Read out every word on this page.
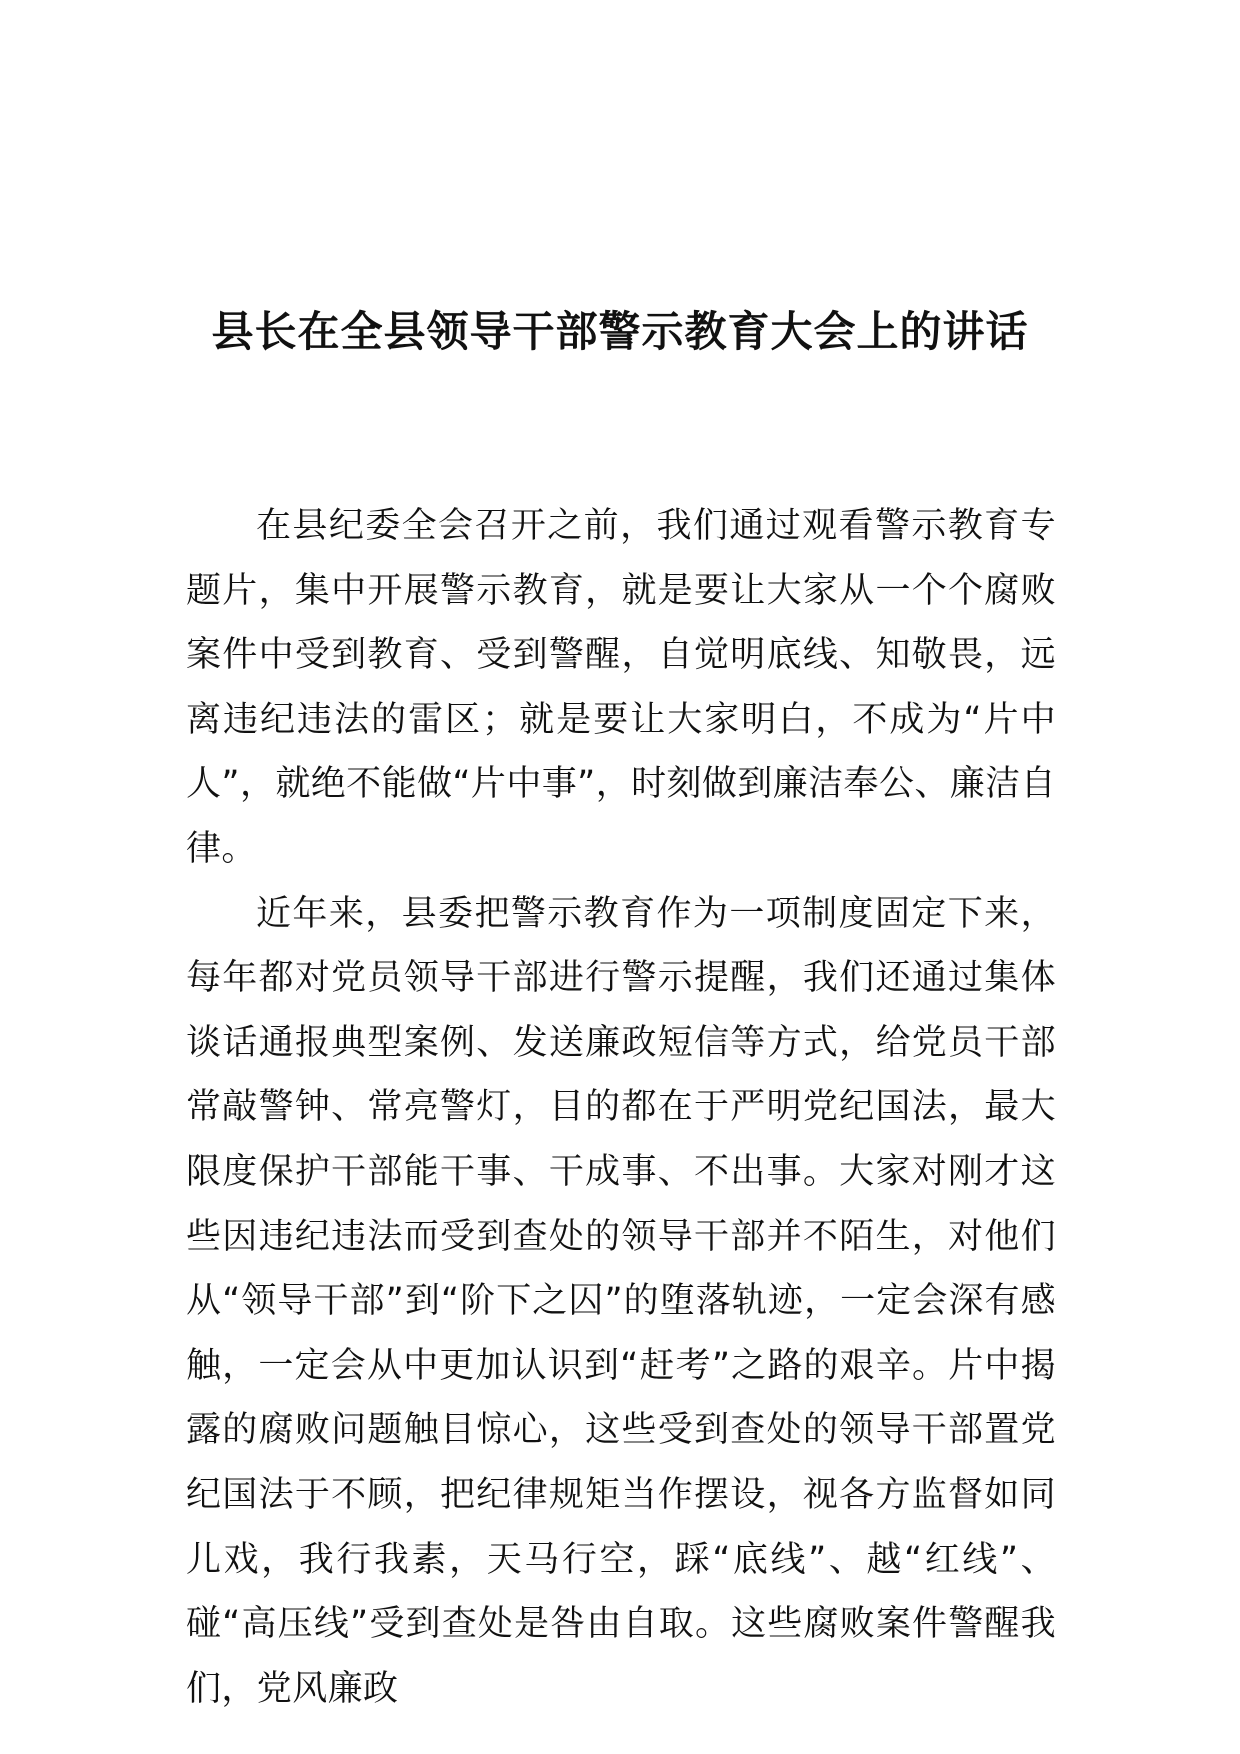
县长在全县领导干部警示教育大会上的讲话

在县纪委全会召开之前，我们通过观看警示教育专题片，集中开展警示教育，就是要让大家从一个个腐败案件中受到教育、受到警醒，自觉明底线、知敬畏，远离违纪违法的雷区；就是要让大家明白，不成为“片中人”，就绝不能做“片中事”，时刻做到廉洁奉公、廉洁自律。

近年来，县委把警示教育作为一项制度固定下来，每年都对党员领导干部进行警示提醒，我们还通过集体谈话通报典型案例、发送廉政短信等方式，给党员干部常敲警钟、常亮警灯，目的都在于严明党纪国法，最大限度保护干部能干事、干成事、不出事。大家对刚才这些因违纪违法而受到查处的领导干部并不陌生，对他们从“领导干部”到“阶下之囚”的堕落轨迹，一定会深有感触，一定会从中更加认识到“赶考”之路的艰辛。片中揭露的腐败问题触目惊心，这些受到查处的领导干部置党纪国法于不顾，把纪律规矩当作摆设，视各方监督如同儿戏，我行我素，天马行空，踩“底线”、越“红线”、碰“高压线”受到查处是咎由自取。这些腐败案件警醒我们，党风廉政
